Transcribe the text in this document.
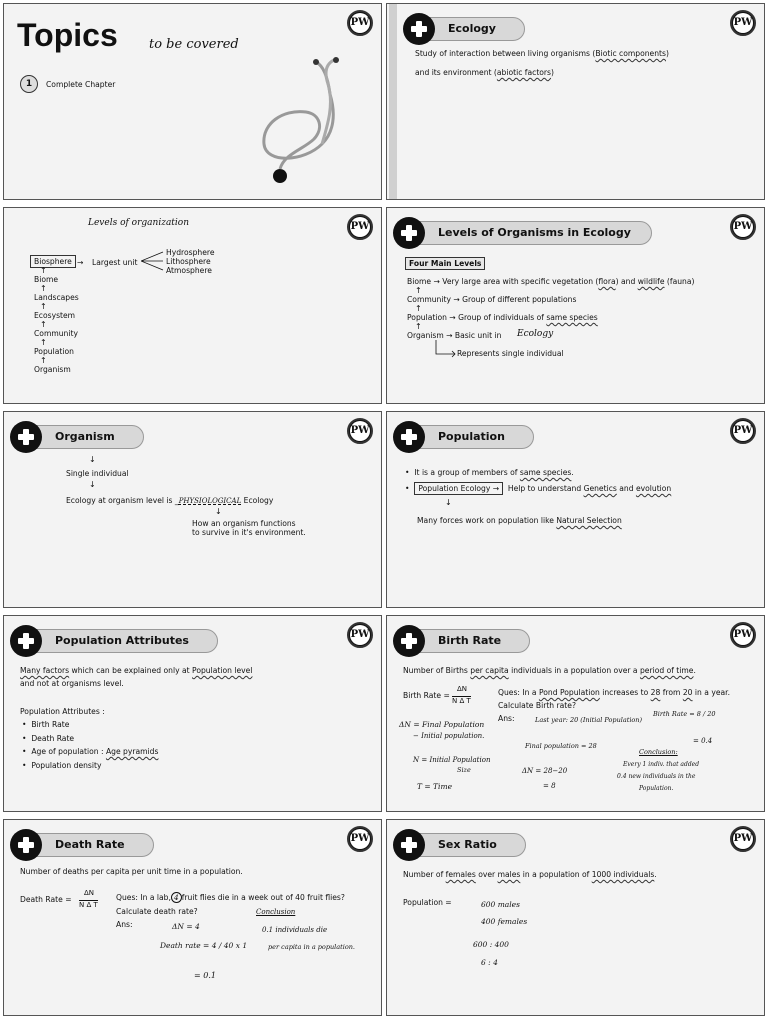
PW
Topics to be covered
1	Complete Chapter
PW
Ecology
Study of interaction between living organisms (Biotic components)
and its environment (abiotic factors)
PW
Levels of organization
Biosphere → Largest unit
Hydrosphere
Lithosphere
Atmosphere
Biome
Landscapes
Ecosystem
Community
Population
Organism
↑
↑
↑
↑
↑
↑
PW
Levels of Organisms in Ecology
Four Main Levels
Biome → Very large area with specific vegetation (flora) and wildlife (fauna)
↑
Community → Group of different populations
↑
Population → Group of individuals of same species
↑
Organism → Basic unit in Ecology
Represents single individual
PW
Organism
↓
Single individual
↓
Ecology at organism level is _PHYSIOLOGICAL Ecology
↓
How an organism functions
to survive in it's environment.
PW
Population
•  It is a group of members of same species.
•  Population Ecology → Help to understand Genetics and evolution
↓
Many forces work on population like Natural Selection
PW
Population Attributes
Many factors which can be explained only at Population level
and not at organisms level.
Population Attributes :
•  Birth Rate
•  Death Rate
•  Age of population : Age pyramids
•  Population density
PW
Birth Rate
Number of Births per capita individuals in a population over a period of time.
Birth Rate =
ΔN
N Δ T
Ques: In a Pond Population increases to 28 from 20 in a year.
Calculate Birth rate?
Ans:
ΔN = Final Population
− Initial population.
N = Initial Population
Size
T = Time
Last year: 20 (Initial Population)
Final population = 28
ΔN = 28−20
= 8
Birth Rate = 8 / 20
= 0.4
Conclusion:
Every 1 indiv. that added
0.4 new individuals in the
Population.
PW
Death Rate
Number of deaths per capita per unit time in a population.
Death Rate =
ΔN
N Δ T
Ques: In a lab, 4 fruit flies die in a week out of 40 fruit flies?
Calculate death rate?
Ans:	ΔN = 4
Death rate = 4 / 40 x 1
= 0.1
Conclusion
0.1 individuals die
per capita in a population.
PW
Sex Ratio
Number of females over males in a population of 1000 individuals.
Population =	600 males
400 females
600 : 400
6 : 4
